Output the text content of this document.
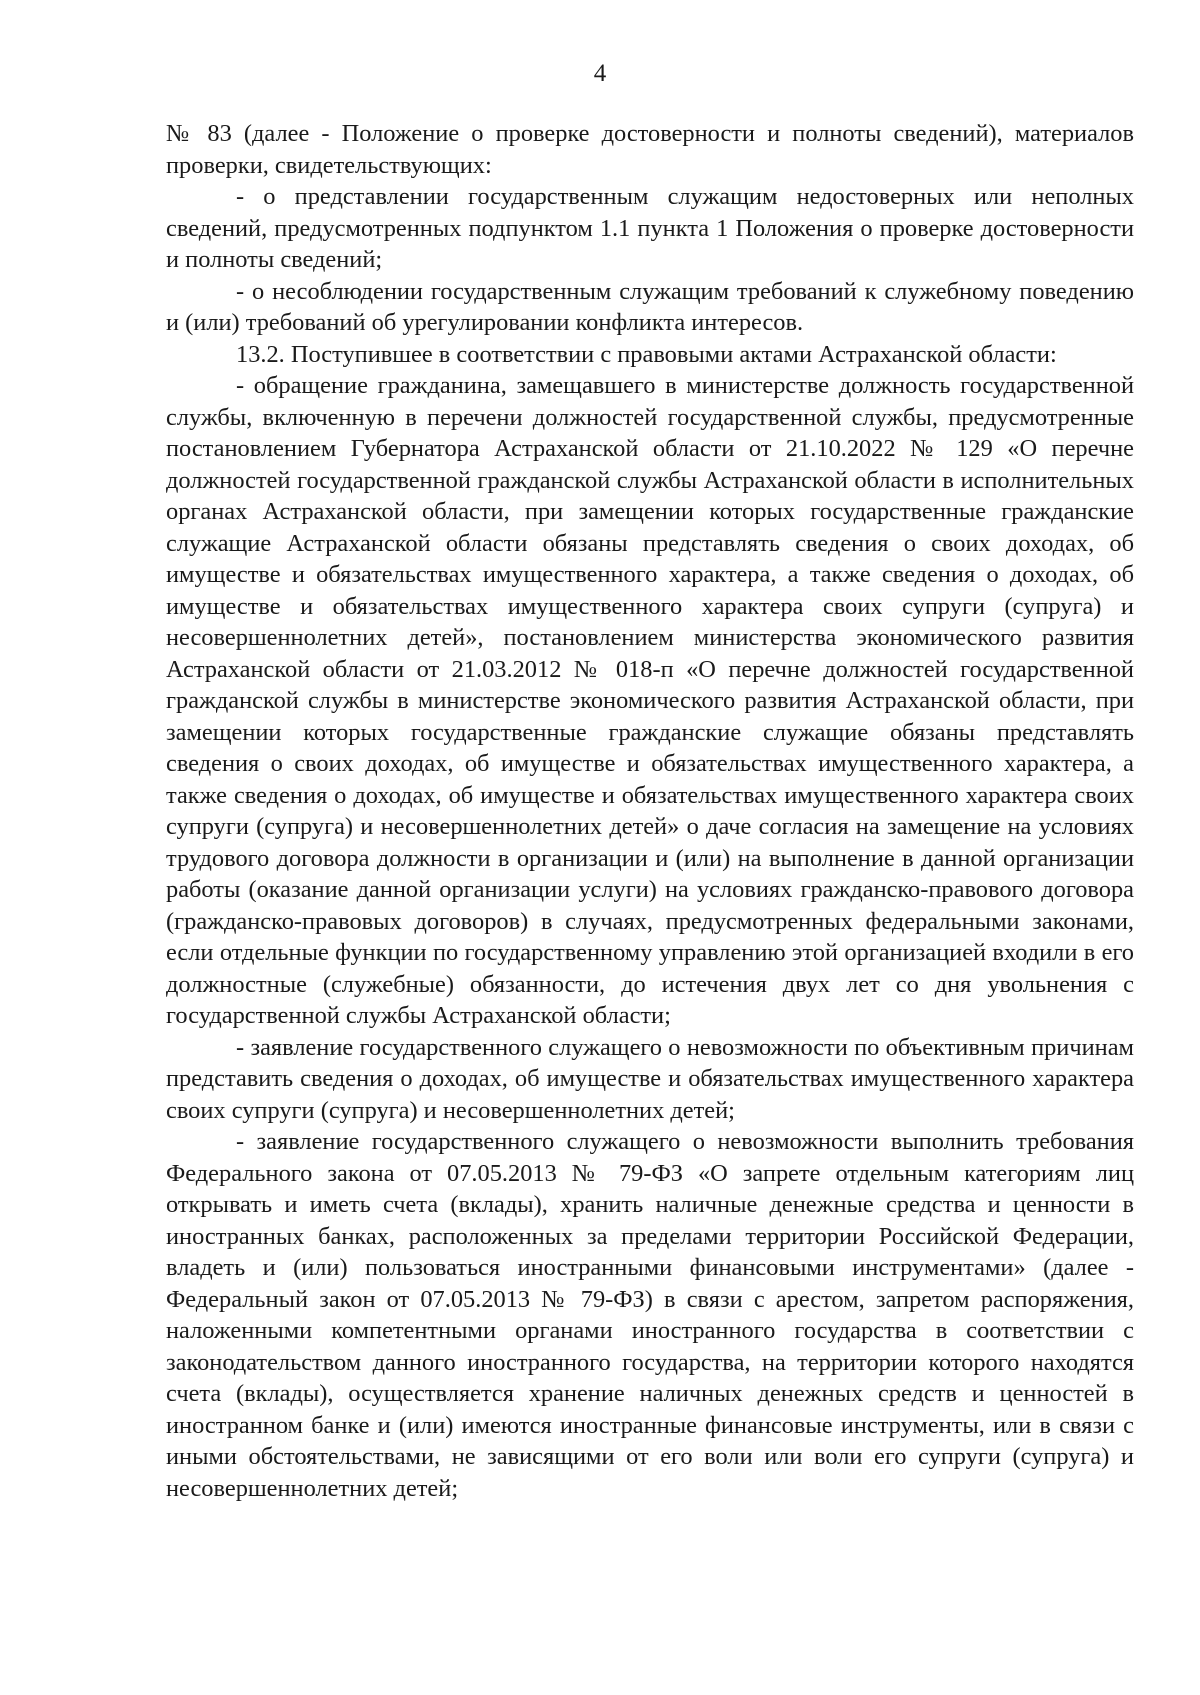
4

№ 83 (далее - Положение о проверке достоверности и полноты сведений), материалов проверки, свидетельствующих:

- о представлении государственным служащим недостоверных или неполных сведений, предусмотренных подпунктом 1.1 пункта 1 Положения о проверке достоверности и полноты сведений;

- о несоблюдении государственным служащим требований к служебному поведению и (или) требований об урегулировании конфликта интересов.

13.2. Поступившее в соответствии с правовыми актами Астраханской области:

- обращение гражданина, замещавшего в министерстве должность государственной службы, включенную в перечени должностей государственной службы, предусмотренные постановлением Губернатора Астраханской области от 21.10.2022 № 129 «О перечне должностей государственной гражданской службы Астраханской области в исполнительных органах Астраханской области, при замещении которых государственные гражданские служащие Астраханской области обязаны представлять сведения о своих доходах, об имуществе и обязательствах имущественного характера, а также сведения о доходах, об имуществе и обязательствах имущественного характера своих супруги (супруга) и несовершеннолетних детей», постановлением министерства экономического развития Астраханской области от 21.03.2012 № 018-п «О перечне должностей государственной гражданской службы в министерстве экономического развития Астраханской области, при замещении которых государственные гражданские служащие обязаны представлять сведения о своих доходах, об имуществе и обязательствах имущественного характера, а также сведения о доходах, об имуществе и обязательствах имущественного характера своих супруги (супруга) и несовершеннолетних детей» о даче согласия на замещение на условиях трудового договора должности в организации и (или) на выполнение в данной организации работы (оказание данной организации услуги) на условиях гражданско-правового договора (гражданско-правовых договоров) в случаях, предусмотренных федеральными законами, если отдельные функции по государственному управлению этой организацией входили в его должностные (служебные) обязанности, до истечения двух лет со дня увольнения с государственной службы Астраханской области;

- заявление государственного служащего о невозможности по объективным причинам представить сведения о доходах, об имуществе и обязательствах имущественного характера своих супруги (супруга) и несовершеннолетних детей;

- заявление государственного служащего о невозможности выполнить требования Федерального закона от 07.05.2013 № 79-ФЗ «О запрете отдельным категориям лиц открывать и иметь счета (вклады), хранить наличные денежные средства и ценности в иностранных банках, расположенных за пределами территории Российской Федерации, владеть и (или) пользоваться иностранными финансовыми инструментами» (далее - Федеральный закон от 07.05.2013 № 79-ФЗ) в связи с арестом, запретом распоряжения, наложенными компетентными органами иностранного государства в соответствии с законодательством данного иностранного государства, на территории которого находятся счета (вклады), осуществляется хранение наличных денежных средств и ценностей в иностранном банке и (или) имеются иностранные финансовые инструменты, или в связи с иными обстоятельствами, не зависящими от его воли или воли его супруги (супруга) и несовершеннолетних детей;
